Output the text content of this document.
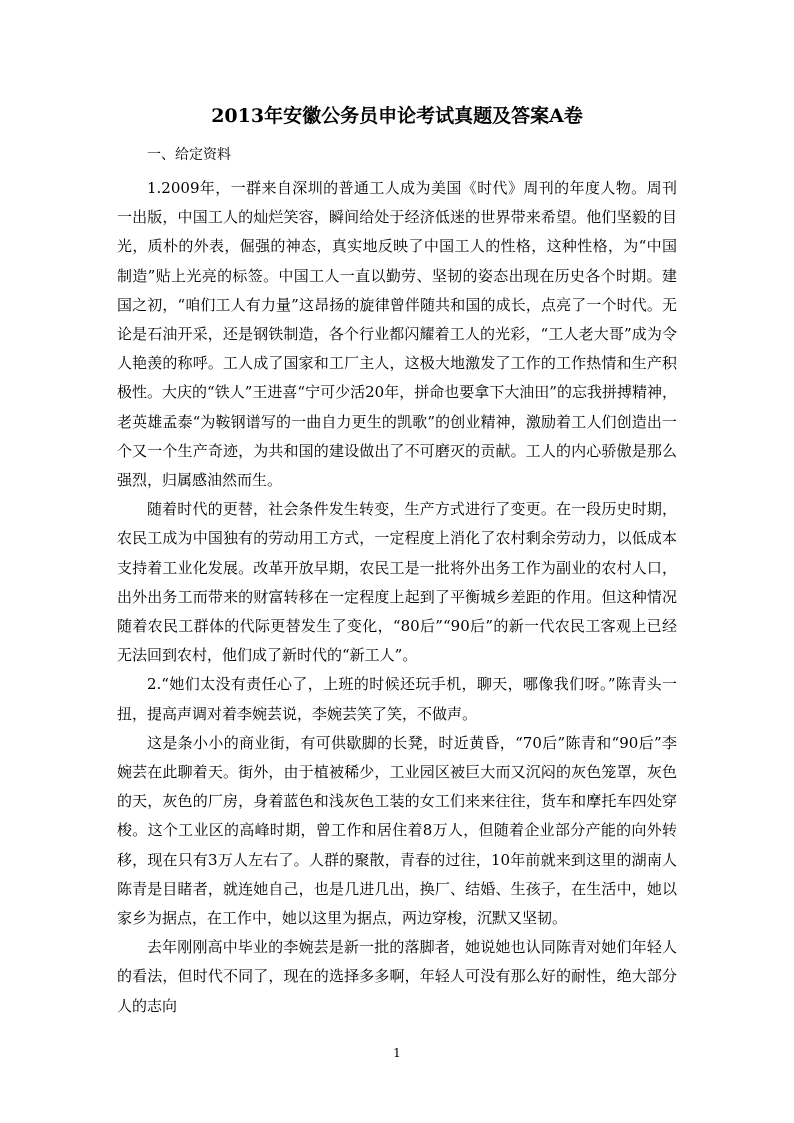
2013年安徽公务员申论考试真题及答案A卷
一、给定资料

1.2009年，一群来自深圳的普通工人成为美国《时代》周刊的年度人物。周刊一出版，中国工人的灿烂笑容，瞬间给处于经济低迷的世界带来希望。他们坚毅的目光，质朴的外表，倔强的神态，真实地反映了中国工人的性格，这种性格，为“中国制造”贴上光亮的标签。中国工人一直以勤劳、坚韧的姿态出现在历史各个时期。建国之初，“咱们工人有力量”这昂扬的旋律曾伴随共和国的成长，点亮了一个时代。无论是石油开采，还是钢铁制造，各个行业都闪耀着工人的光彩，“工人老大哥”成为令人艳羡的称呼。工人成了国家和工厂主人，这极大地激发了工作的工作热情和生产积极性。大庆的“铁人”王进喜“宁可少活20年，拼命也要拿下大油田”的忘我拼搏精神，老英雄孟泰“为鞍钢谱写的一曲自力更生的凯歌”的创业精神，激励着工人们创造出一个又一个生产奇迹，为共和国的建设做出了不可磨灭的贡献。工人的内心骄傲是那么强烈，归属感油然而生。

随着时代的更替，社会条件发生转变，生产方式进行了变更。在一段历史时期，农民工成为中国独有的劳动用工方式，一定程度上消化了农村剩余劳动力，以低成本支持着工业化发展。改革开放早期，农民工是一批将外出务工作为副业的农村人口，出外出务工而带来的财富转移在一定程度上起到了平衡城乡差距的作用。但这种情况随着农民工群体的代际更替发生了变化，“80后”“90后”的新一代农民工客观上已经无法回到农村，他们成了新时代的“新工人”。

2.“她们太没有责任心了，上班的时候还玩手机，聊天，哪像我们呀。”陈青头一扭，提高声调对着李婉芸说，李婉芸笑了笑，不做声。

这是条小小的商业街，有可供歇脚的长凳，时近黄昏，“70后”陈青和“90后”李婉芸在此聊着天。街外，由于植被稀少，工业园区被巨大而又沉闷的灰色笼罩，灰色的天，灰色的厂房，身着蓝色和浅灰色工装的女工们来来往往，货车和摩托车四处穿梭。这个工业区的高峰时期，曾工作和居住着8万人，但随着企业部分产能的向外转移，现在只有3万人左右了。人群的聚散，青春的过往，10年前就来到这里的湖南人陈青是目睹者，就连她自己，也是几进几出，换厂、结婚、生孩子，在生活中，她以家乡为据点，在工作中，她以这里为据点，两边穿梭，沉默又坚韧。

去年刚刚高中毕业的李婉芸是新一批的落脚者，她说她也认同陈青对她们年轻人的看法，但时代不同了，现在的选择多多啊，年轻人可没有那么好的耐性，绝大部分人的志向

1
